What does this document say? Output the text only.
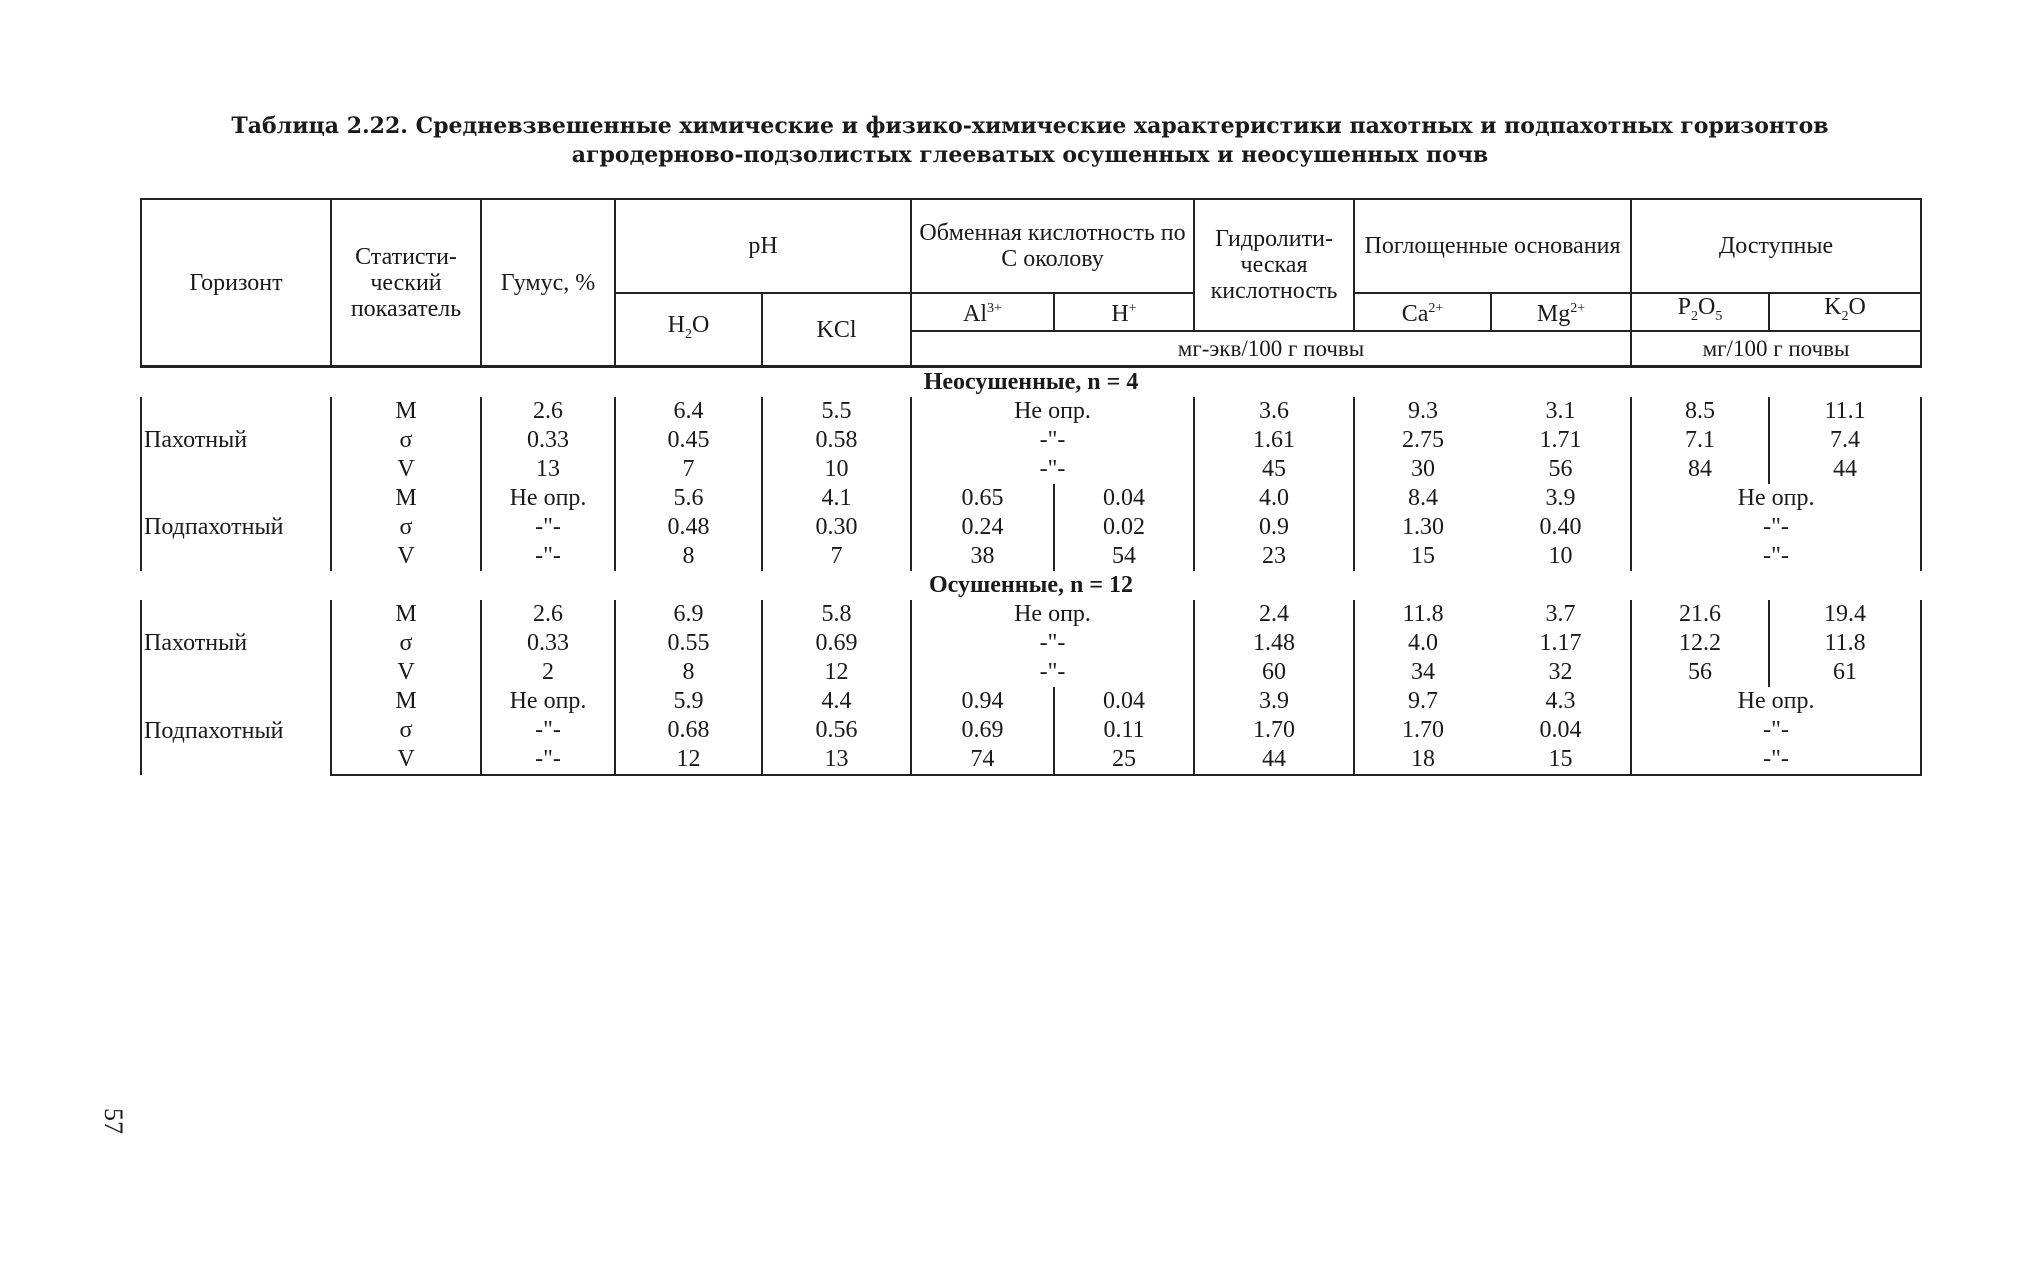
Таблица 2.22. Средневзвешенные химические и физико-химические характеристики пахотных и подпахотных горизонтов
агродерново-подзолистых глееватых осушенных и неосушенных почв
Горизонт	Статисти-ческий показатель	Гумус, %	pH		Обменная кислотность по С околову		Гидролити-ческая кислотность	Поглощенные основания		Доступные	
			$H_2O$	KCl	$Al^{3+}$	H+		$Ca^{2+}$	$Mg^{2+}$	$P_2O_5$	$K_2O$
					мг-экв/100 г почвы					мг/100 г почвы	
Неосушенные, n = 4											
Пахотный	M	2.6	6.4	5.5	Не опр.		3.6	9.3	3.1	8.5	11.1
	σ	0.33	0.45	0.58	-"-		1.61	2.75	1.71	7.1	7.4
	V	13	7	10	-"-		45	30	56	84	44
Подпахотный	M	Не опр.	5.6	4.1	0.65	0.04	4.0	8.4	3.9	Не опр.	
	σ	-"-	0.48	0.30	0.24	0.02	0.9	1.30	0.40	-"-	
	V	-"-	8	7	38	54	23	15	10	-"-	
Осушенные, n = 12											
Пахотный	M	2.6	6.9	5.8	Не опр.		2.4	11.8	3.7	21.6	19.4
	σ	0.33	0.55	0.69	-"-		1.48	4.0	1.17	12.2	11.8
	V	2	8	12	-"-		60	34	32	56	61
Подпахотный	M	Не опр.	5.9	4.4	0.94	0.04	3.9	9.7	4.3	Не опр.	
	σ	-"-	0.68	0.56	0.69	0.11	1.70	1.70	0.04	-"-	
	V	-"-	12	13	74	25	44	18	15	-"-	
57
